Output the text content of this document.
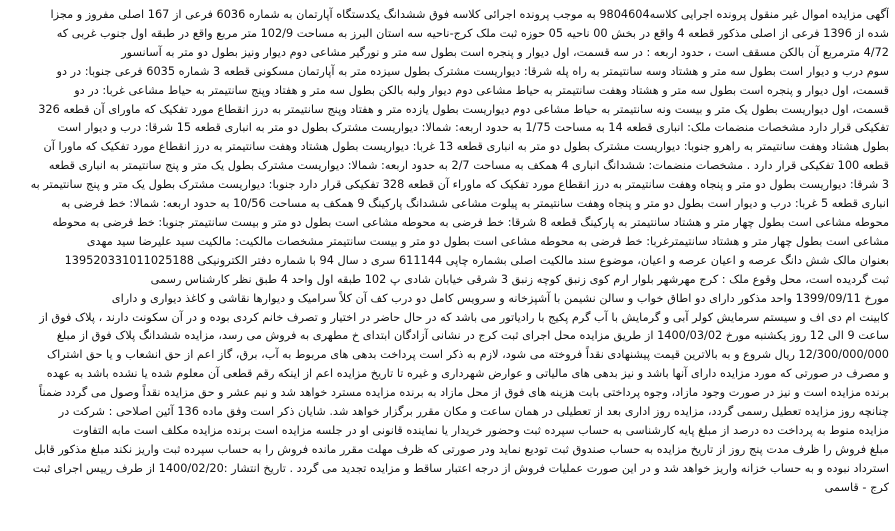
آگهی مزایده اموال غیر منقول پرونده اجرایی کلاسه9804604 به موجب پرونده اجرائی کلاسه فوق ششدانگ یکدستگاه آپارتمان به شماره 6036 فرعی از 167 اصلی مفروز و مجزا
شده از 1396 فرعی از اصلی مذکور قطعه 4 واقع در بخش 00 ناحیه 05 حوزه ثبت ملک کرج-ناحیه سه استان البرز به مساحت 102/9 متر مربع واقع در طبقه اول جنوب غربی که
4/72 مترمربع آن بالکن مسقف است ، حدود اربعه : در سه قسمت، اول دیوار و پنجره است بطول سه متر و نورگیر مشاعی دوم دیوار ونیز بطول دو متر به آسانسور
سوم درب و دیوار است بطول سه متر و هشتاد وسه سانتیمتر به راه پله شرقا: دیواریست مشترک بطول سیزده متر به آپارتمان مسکونی قطعه 3 شماره 6035 فرعی جنوبا: در دو
قسمت، اول دیوار و پنجره است بطول سه متر و هشتاد وهفت سانتیمتر به حیاط مشاعی دوم دیوار ولبه بالکن بطول سه متر و هفتاد وپنج سانتیمتر به حیاط مشاعی غربا: در دو
قسمت، اول دیواریست بطول یک متر و بیست ونه سانتیمتر به حیاط مشاعی دوم دیواریست بطول یازده متر و هفتاد وپنج سانتیمتر به درز انقطاع مورد تفکیک که ماورای آن قطعه 326
تفکیکی قرار دارد مشخصات منضمات ملک: انباری قطعه 14 به مساحت 1/75 به حدود اربعه: شمالا: دیواریست مشترک بطول دو متر به انباری قطعه 15 شرقا: درب و دیوار است
بطول هشتاد وهفت سانتیمتر به راهرو جنوبا: دیواریست مشترک بطول دو متر به انباری قطعه 13 غربا: دیواریست بطول هشتاد وهفت سانتیمتر به درز انقطاع مورد تفکیک که ماورا آن
قطعه 100 تفکیکی قرار دارد . مشخصات منضمات: ششدانگ انباری 4 همکف به مساحت 2/7 به حدود اربعه: شمالا: دیواریست مشترک بطول یک متر و پنج سانتیمتر به انباری قطعه
3 شرقا: دیواریست بطول دو متر و پنجاه وهفت سانتیمتر به درز انقطاع مورد تفکیک که ماوراء آن قطعه 328 تفکیکی قرار دارد جنوبا: دیواریست مشترک بطول یک متر و پنج سانتیمتر به
انباری قطعه 5 غربا: درب و دیوار است بطول دو متر و پنجاه وهفت سانتیمتر به پیلوت مشاعی ششدانگ پارکینگ 9 همکف به مساحت 10/56 به حدود اربعه: شمالا: خط فرضی به
محوطه مشاعی است بطول چهار متر و هشتاد سانتیمتر به پارکینگ قطعه 8 شرقا: خط فرضی به محوطه مشاعی است بطول دو متر و بیست سانتیمتر جنوبا: خط فرضی به محوطه
مشاعی است بطول چهار متر و هشتاد سانتیمترغربا: خط فرضی به محوطه مشاعی است بطول دو متر و بیست سانتیمتر مشخصات مالکیت: مالکیت سید علیرضا سید مهدی
بعنوان مالک شش دانگ عرصه و اعیان عرصه و اعیان، موضوع سند مالکیت اصلی بشماره چاپی 611144 سری د سال 94 با شماره دفتر الکترونیکی 139520331011025188
ثبت گردیده است، محل وقوع ملک : کرج مهرشهر بلوار ارم کوی زنبق کوچه زنبق 3 شرقی خیابان شادی پ 102 طبقه اول واحد 4 طبق نظر کارشناس رسمی
مورخ 1399/09/11 واحد مذکور دارای دو اطاق خواب و سالن نشیمن با آشپزخانه و سرویس کامل دو درب کف آن کلاً سرامیک و دیوارها نقاشی و کاغذ دیواری و دارای
کابینت ام دی اف و سیستم سرمایش کولر آبی و گرمایش با آب گرم پکیج با رادیاتور می باشد که در حال حاضر در اختیار و تصرف خانم کردی بوده و در آن سکونت دارند ، پلاک فوق از
ساعت 9 الی 12 روز یکشنبه مورخ 1400/03/02 از طریق مزایده محل اجرای ثبت کرج در نشانی آزادگان ابتدای خ مطهری به فروش می رسد، مزایده ششدانگ پلاک فوق از مبلغ
12/300/000/000 ریال شروع و به بالاترین قیمت پیشنهادی نقداً فروخته می شود، لازم به ذکر است پرداخت بدهی های مربوط به آب، برق، گاز اعم از حق انشعاب و یا حق اشتراک
و مصرف در صورتی که مورد مزایده دارای آنها باشد و نیز بدهی های مالیاتی و عوارض شهرداری و غیره تا تاریخ مزایده اعم از اینکه رقم قطعی آن معلوم شده یا نشده باشد به عهده
برنده مزایده است و نیز در صورت وجود مازاد، وجوه پرداختی بابت هزینه های فوق از محل مازاد به برنده مزایده مسترد خواهد شد و نیم عشر و حق مزایده نقداً وصول می گردد ضمناً
چنانچه روز مزایده تعطیل رسمی گردد، مزایده روز اداری بعد از تعطیلی در همان ساعت و مکان مقرر برگزار خواهد شد. شایان ذکر است وفق ماده 136 آئین اصلاحی : شرکت در
مزایده منوط به پرداخت ده درصد از مبلغ پایه کارشناسی به حساب سپرده ثبت وحضور خریدار یا نماینده قانونی او در جلسه مزایده است برنده مزایده مکلف است مابه التفاوت
مبلغ فروش را ظرف مدت پنج روز از تاریخ مزایده به حساب صندوق ثبت تودیع نماید ودر صورتی که ظرف مهلت مقرر مانده فروش را به حساب سپرده ثبت واریز نکند مبلغ مذکور قابل
استرداد نبوده و به حساب خزانه واریز خواهد شد و در این صورت عملیات فروش از درجه اعتبار ساقط و مزایده تجدید می گردد . تاریخ انتشار :1400/02/20 از طرف رییس اجرای ثبت
کرج - قاسمی
